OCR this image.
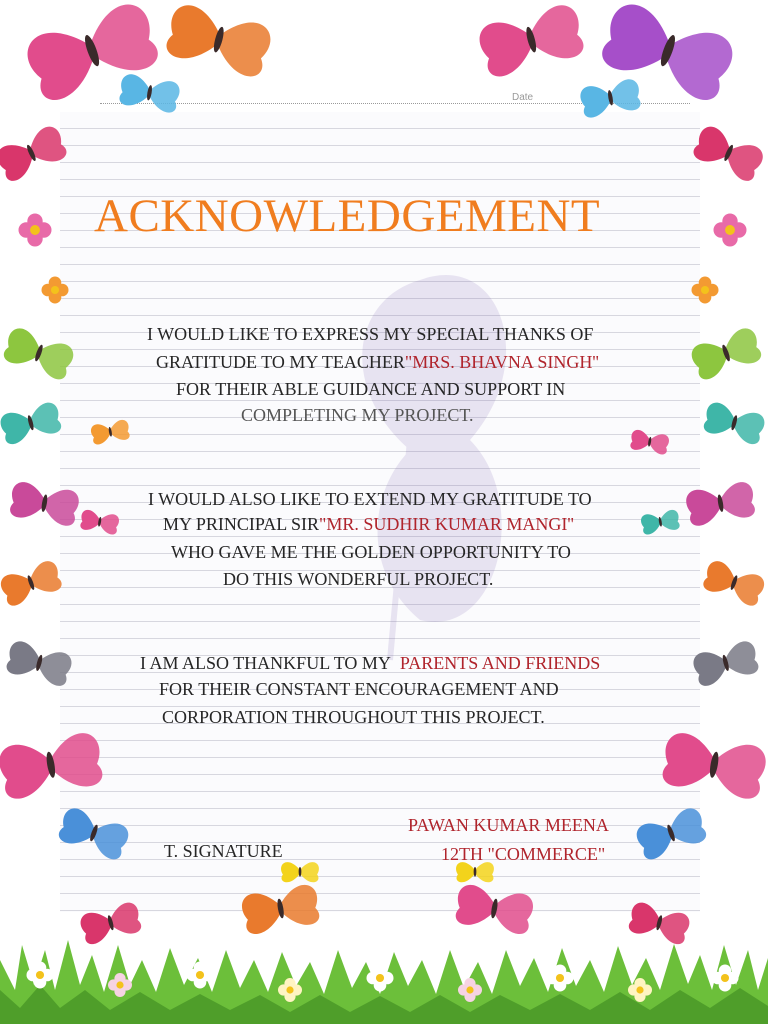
Date
ACKNOWLEDGEMENT

I WOULD LIKE TO EXPRESS MY SPECIAL THANKS OF

GRATITUDE TO MY TEACHER"MRS. BHAVNA SINGH''

FOR THEIR ABLE GUIDANCE AND SUPPORT IN

COMPLETING MY PROJECT.

I WOULD ALSO LIKE TO EXTEND MY GRATITUDE TO

MY PRINCIPAL SIR"MR. SUDHIR KUMAR MANGI''

WHO GAVE ME THE GOLDEN OPPORTUNITY TO

DO THIS WONDERFUL PROJECT.

I AM ALSO THANKFUL TO MY PARENTS AND FRIENDS

FOR THEIR CONSTANT ENCOURAGEMENT AND

CORPORATION THROUGHOUT THIS PROJECT.

T. SIGNATURE

PAWAN KUMAR MEENA

12TH "COMMERCE"
